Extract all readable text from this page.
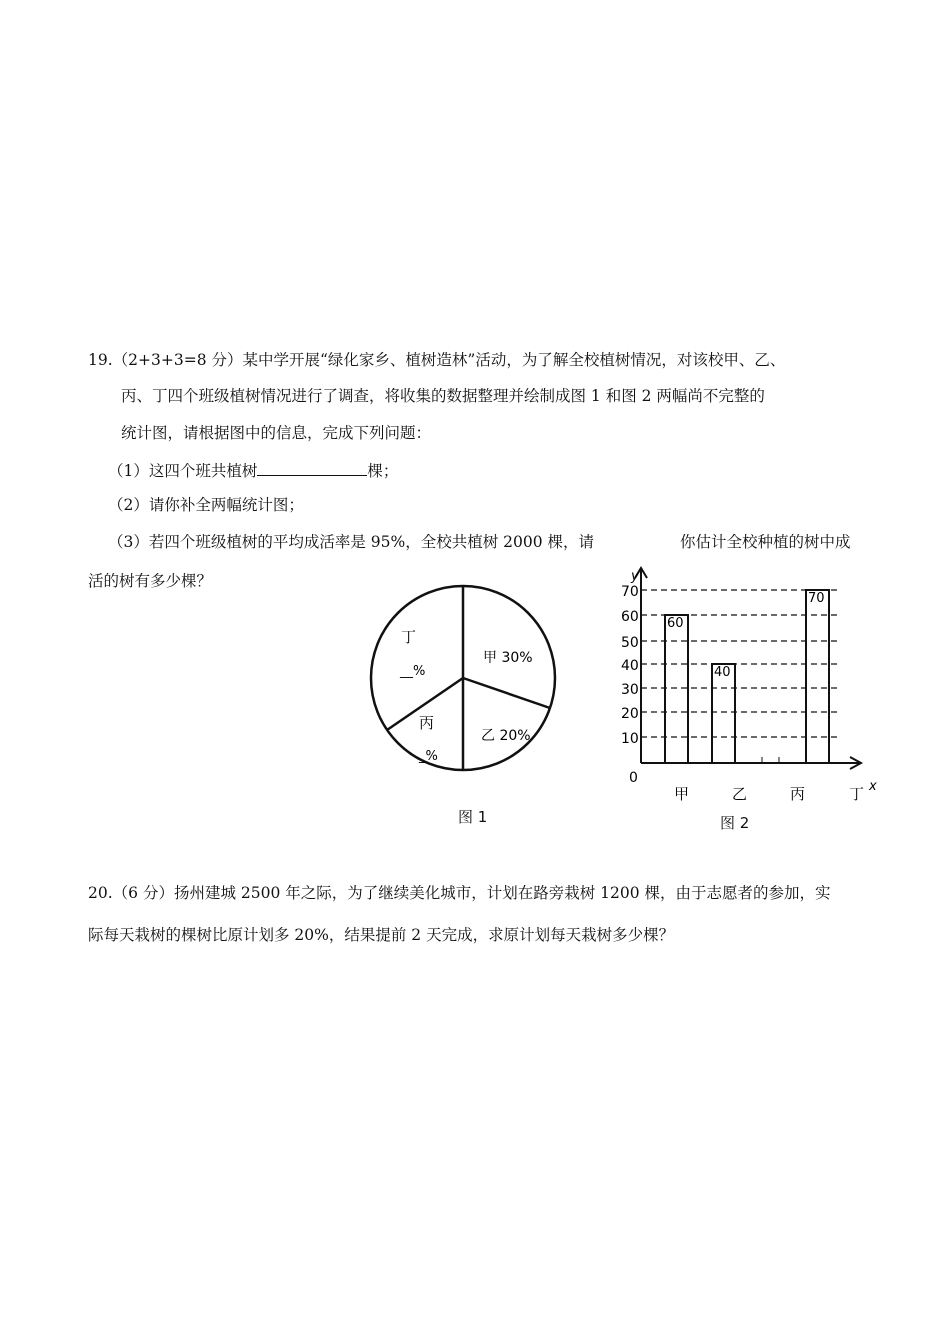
19.（2+3+3=8 分）某中学开展“绿化家乡、植树造林”活动，为了解全校植树情况，对该校甲、乙、
丙、丁四个班级植树情况进行了调查，将收集的数据整理并绘制成图 1 和图 2 两幅尚不完整的
统计图，请根据图中的信息，完成下列问题：
（1）这四个班共植树	棵；
（2）请你补全两幅统计图；
（3）若四个班级植树的平均成活率是 95%，全校共植树 2000 棵，请	你估计全校种植的树中成
活的树有多少棵？
甲 30%
乙 20%
丁
__%
丙
_%
图 1
y
x
0
10
20
30
40
50
60
70
60
40
70
甲	乙	丙	丁
图 2
20.（6 分）扬州建城 2500 年之际，为了继续美化城市，计划在路旁栽树 1200 棵，由于志愿者的参加，实
际每天栽树的棵树比原计划多 20%，结果提前 2 天完成，求原计划每天栽树多少棵？
